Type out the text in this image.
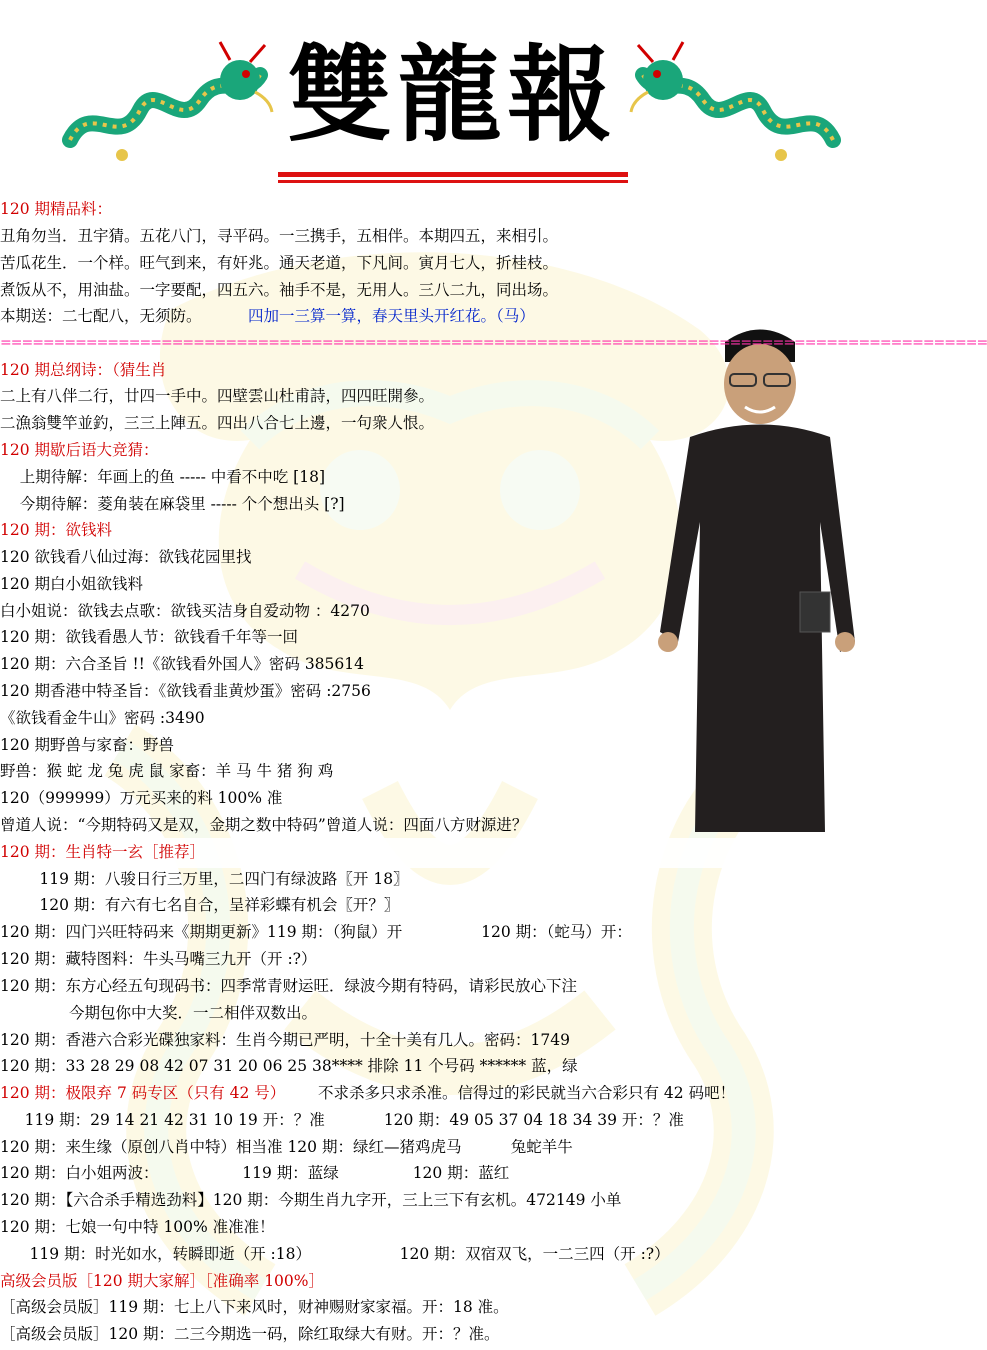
雙龍報
120 期精品料：
丑角勿当．丑宇猜。五花八门，寻平码。一三携手，五相伴。本期四五，来相引。
苦瓜花生．一个样。旺气到来，有奸兆。通天老道，下凡间。寅月七人，折桂枝。
煮饭从不，用油盐。一字要配，四五六。袖手不是，无用人。三八二九，同出场。
本期送：二七配八，无须防。	四加一三算一算，春天里头开红花。（马）
============================================================================================
120 期总纲诗：（猜生肖
二上有八伴二行，廿四一手中。四壁雲山杜甫詩，四四旺開參。
二漁翁雙竿並釣，三三上陣五。四出八合七上邊，一句衆人恨。
120 期歇后语大竞猜：
上期待解：年画上的鱼 ----- 中看不中吃 [18]
今期待解：菱角装在麻袋里 ----- 个个想出头 [?]
120 期：欲钱料
120 欲钱看八仙过海：欲钱花园里找
120 期白小姐欲钱料
白小姐说：欲钱去点歌：欲钱买洁身自爱动物 ：4270
120 期：欲钱看愚人节：欲钱看千年等一回
120 期：六合圣旨 !!《欲钱看外国人》密码 385614
120 期香港中特圣旨：《欲钱看韭黄炒蛋》密码 :2756
《欲钱看金牛山》密码 :3490
120 期野兽与家畜：野兽
野兽：猴 蛇 龙 兔 虎 鼠 家畜：羊 马 牛 猪 狗 鸡
120（999999）万元买来的料 100% 准
曾道人说：“今期特码又是双，金期之数中特码”曾道人说：四面八方财源进？
120 期：生肖特一玄［推荐］
119 期：八骏日行三万里，二四门有绿波路〖开 18〗
120 期：有六有七名自合，呈祥彩蝶有机会〖开？〗
120 期：四门兴旺特码来《期期更新》119 期：（狗鼠）开                120 期：（蛇马）开：
120 期：藏特图料：牛头马嘴三九开（开 :?）
120 期：东方心经五句现码书：四季常青财运旺．绿波今期有特码，请彩民放心下注
今期包你中大奖．一二相伴双数出。
120 期：香港六合彩光碟独家料：生肖今期已严明，十全十美有几人。密码：1749
120 期：33 28 29 08 42 07 31 20 06 25 38**** 排除 11 个号码 ****** 蓝，绿
120 期：极限弃 7 码专区（只有 42 号） 不求杀多只求杀准。信得过的彩民就当六合彩只有 42 码吧！
119 期：29 14 21 42 31 10 19 开：？准            120 期：49 05 37 04 18 34 39 开：？准
120 期：来生缘（原创八肖中特）相当准 120 期：绿红—猪鸡虎马          兔蛇羊牛
120 期：白小姐两波：                 119 期：蓝绿               120 期：蓝红
120 期：【六合杀手精选劲料】120 期：今期生肖九字开，三上三下有玄机。472149 小单
120 期：七娘一句中特 100% 准准准！
119 期：时光如水，转瞬即逝（开 :18）                  120 期：双宿双飞，一二三四（开 :?）
高级会员版［120 期大家解］［准确率 100%］
［高级会员版］119 期：七上八下来风时，财神赐财家家福。开：18 准。
［高级会员版］120 期：二三今期选一码，除红取绿大有财。开：？准。
